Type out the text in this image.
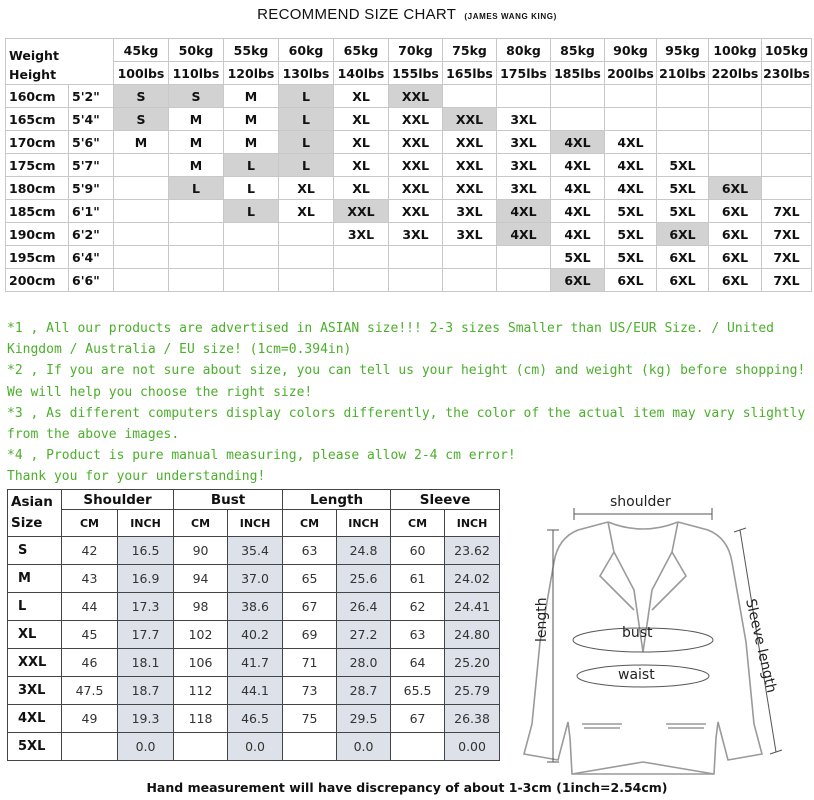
RECOMMEND SIZE CHART (JAMES WANG KING)
Weight
Height		45kg	50kg	55kg	60kg	65kg	70kg	75kg	80kg	85kg	90kg	95kg	100kg	105kg
		100lbs	110lbs	120lbs	130lbs	140lbs	155lbs	165lbs	175lbs	185lbs	200lbs	210lbs	220lbs	230lbs
160cm	5'2"	S	S	M	L	XL	XXL							
165cm	5'4"	S	M	M	L	XL	XXL	XXL	3XL					
170cm	5'6"	M	M	M	L	XL	XXL	XXL	3XL	4XL	4XL			
175cm	5'7"		M	L	L	XL	XXL	XXL	3XL	4XL	4XL	5XL		
180cm	5'9"		L	L	XL	XL	XXL	XXL	3XL	4XL	4XL	5XL	6XL	
185cm	6'1"			L	XL	XXL	XXL	3XL	4XL	4XL	5XL	5XL	6XL	7XL
190cm	6'2"					3XL	3XL	3XL	4XL	4XL	5XL	6XL	6XL	7XL
195cm	6'4"									5XL	5XL	6XL	6XL	7XL
200cm	6'6"									6XL	6XL	6XL	6XL	7XL
*1 , All our products are advertised in ASIAN size!!! 2-3 sizes Smaller than US/EUR Size. / United Kingdom / Australia / EU size! (1cm=0.394in)
*2 , If you are not sure about size, you can tell us your height (cm) and weight (kg) before shopping! We will help you choose the right size!
*3 , As different computers display colors differently, the color of the actual item may vary slightly from the above images.
*4 , Product is pure manual measuring, please allow 2-4 cm error!
Thank you for your understanding!
Asian Size	Shoulder		Bust		Length		Sleeve	
	CM	INCH	CM	INCH	CM	INCH	CM	INCH
S	42	16.5	90	35.4	63	24.8	60	23.62
M	43	16.9	94	37.0	65	25.6	61	24.02
L	44	17.3	98	38.6	67	26.4	62	24.41
XL	45	17.7	102	40.2	69	27.2	63	24.80
XXL	46	18.1	106	41.7	71	28.0	64	25.20
3XL	47.5	18.7	112	44.1	73	28.7	65.5	25.79
4XL	49	19.3	118	46.5	75	29.5	67	26.38
5XL		0.0		0.0		0.0		0.00
shoulder
length	bust
waist	Sleeve length
Hand measurement will have discrepancy of about 1-3cm (1inch=2.54cm)
